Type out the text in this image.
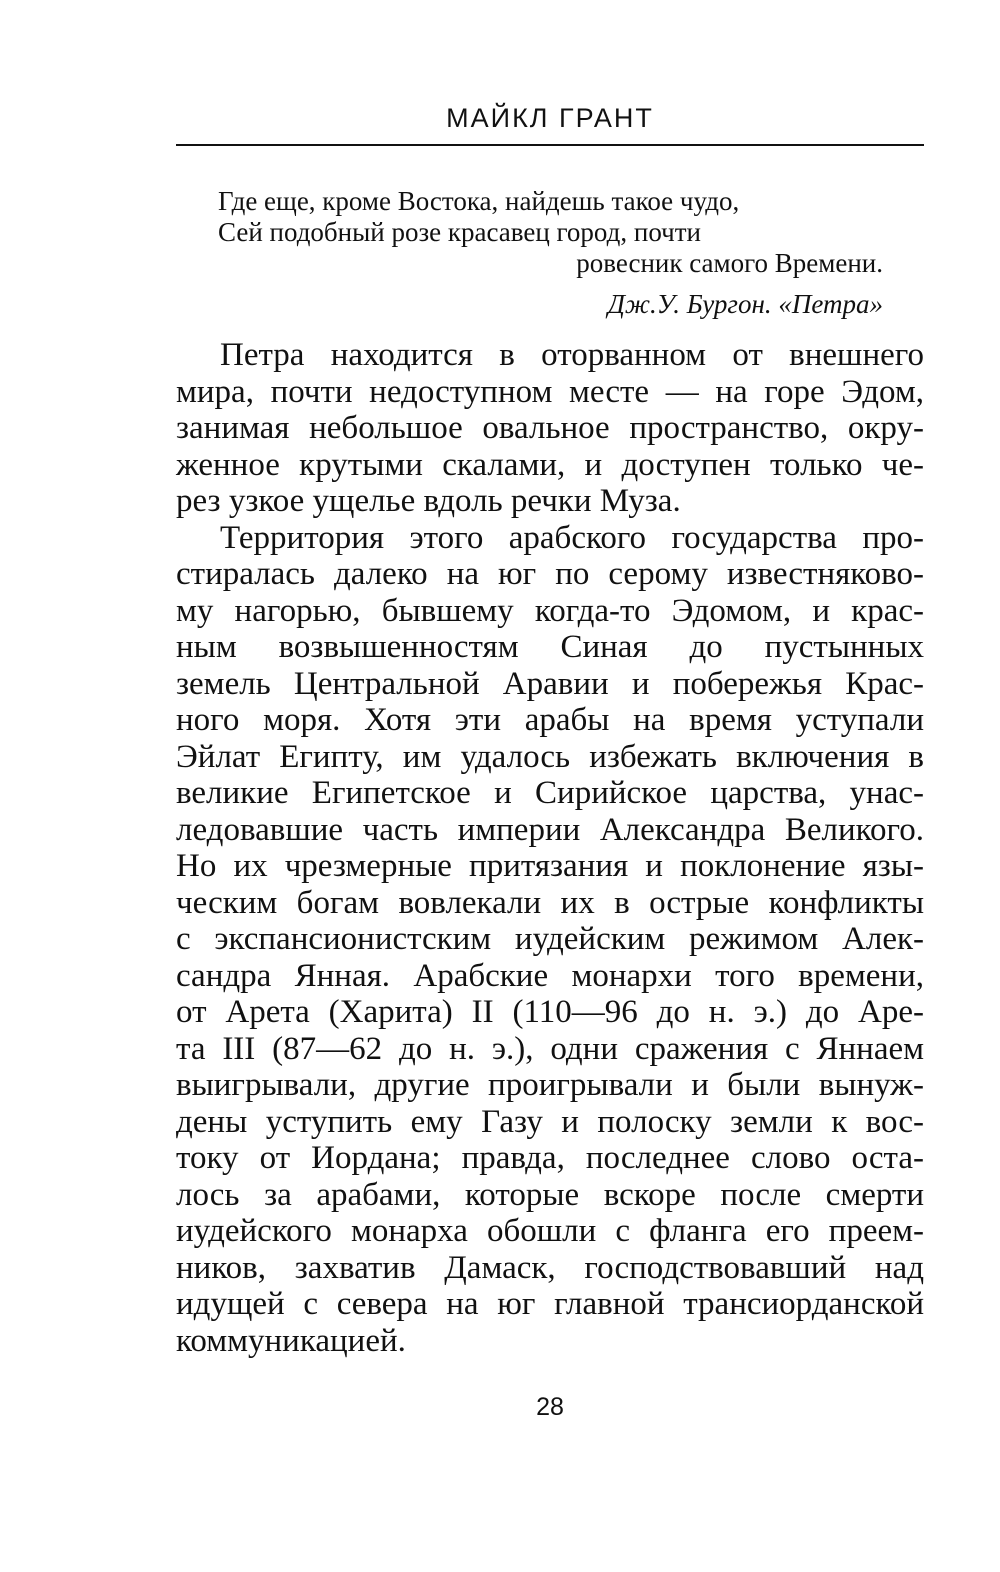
МАЙКЛ ГРАНТ
Где еще, кроме Востока, найдешь такое чудо,
Сей подобный розе красавец город, почти
ровесник самого Времени.
Дж.У. Бургон. «Петра»
Петра находится в оторванном от внешнего
мира, почти недоступном месте — на горе Эдом,
занимая небольшое овальное пространство, окру-
женное крутыми скалами, и доступен только че-
рез узкое ущелье вдоль речки Муза.
Территория этого арабского государства про-
стиралась далеко на юг по серому известняково-
му нагорью, бывшему когда-то Эдомом, и крас-
ным возвышенностям Синая до пустынных
земель Центральной Аравии и побережья Крас-
ного моря. Хотя эти арабы на время уступали
Эйлат Египту, им удалось избежать включения в
великие Египетское и Сирийское царства, унас-
ледовавшие часть империи Александра Великого.
Но их чрезмерные притязания и поклонение язы-
ческим богам вовлекали их в острые конфликты
с экспансионистским иудейским режимом Алек-
сандра Янная. Арабские монархи того времени,
от Арета (Харита) II (110—96 до н. э.) до Аре-
та III (87—62 до н. э.), одни сражения с Яннаем
выигрывали, другие проигрывали и были вынуж-
дены уступить ему Газу и полоску земли к вос-
току от Иордана; правда, последнее слово оста-
лось за арабами, которые вскоре после смерти
иудейского монарха обошли с фланга его преем-
ников, захватив Дамаск, господствовавший над
идущей с севера на юг главной трансиорданской
коммуникацией.
28
